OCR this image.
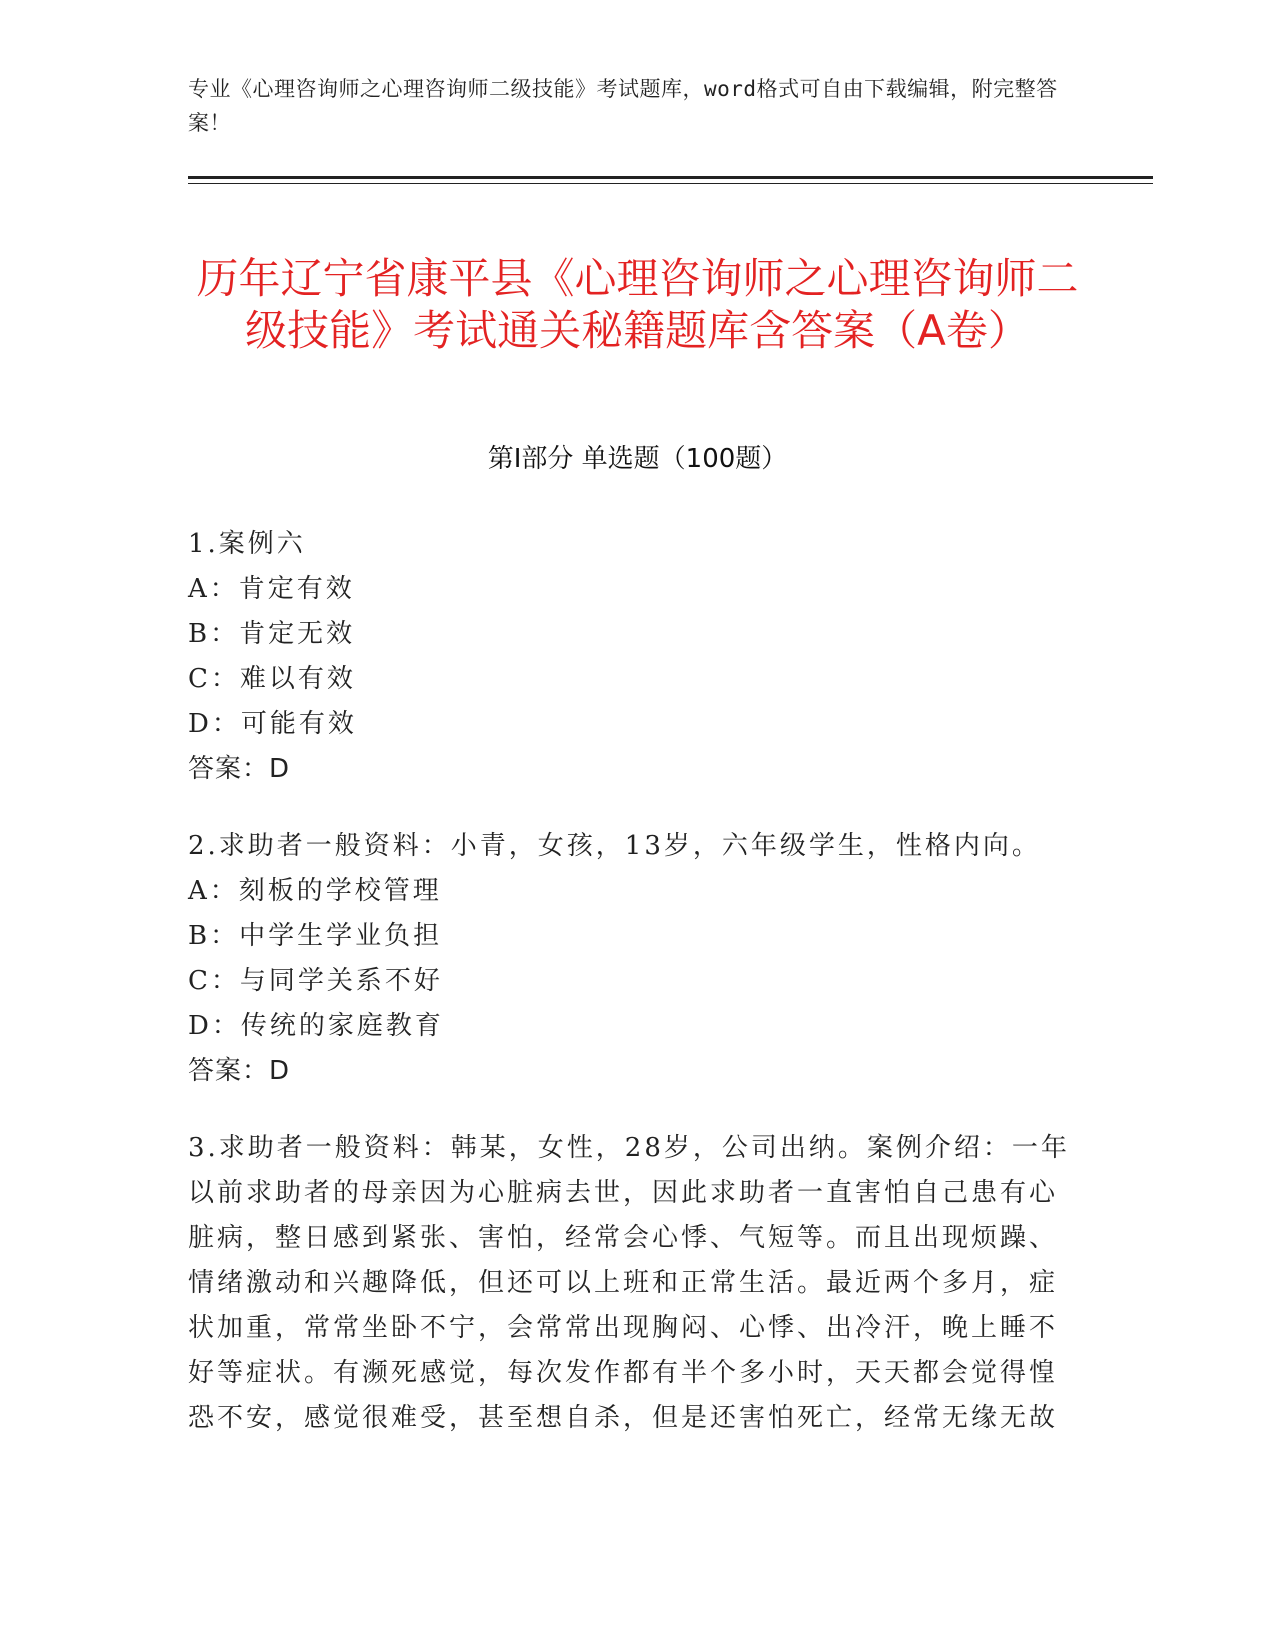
专业《心理咨询师之心理咨询师二级技能》考试题库，word格式可自由下载编辑，附完整答案！
历年辽宁省康平县《心理咨询师之心理咨询师二级技能》考试通关秘籍题库含答案（A卷）
第Ⅰ部分 单选题（100题）
1.案例六
A：肯定有效
B：肯定无效
C：难以有效
D：可能有效
答案：D
2.求助者一般资料：小青，女孩，13岁，六年级学生，性格内向。
A：刻板的学校管理
B：中学生学业负担
C：与同学关系不好
D：传统的家庭教育
答案：D
3.求助者一般资料：韩某，女性，28岁，公司出纳。案例介绍：一年以前求助者的母亲因为心脏病去世，因此求助者一直害怕自己患有心脏病，整日感到紧张、害怕，经常会心悸、气短等。而且出现烦躁、情绪激动和兴趣降低，但还可以上班和正常生活。最近两个多月，症状加重，常常坐卧不宁，会常常出现胸闷、心悸、出冷汗，晚上睡不好等症状。有濒死感觉，每次发作都有半个多小时，天天都会觉得惶恐不安，感觉很难受，甚至想自杀，但是还害怕死亡，经常无缘无故
